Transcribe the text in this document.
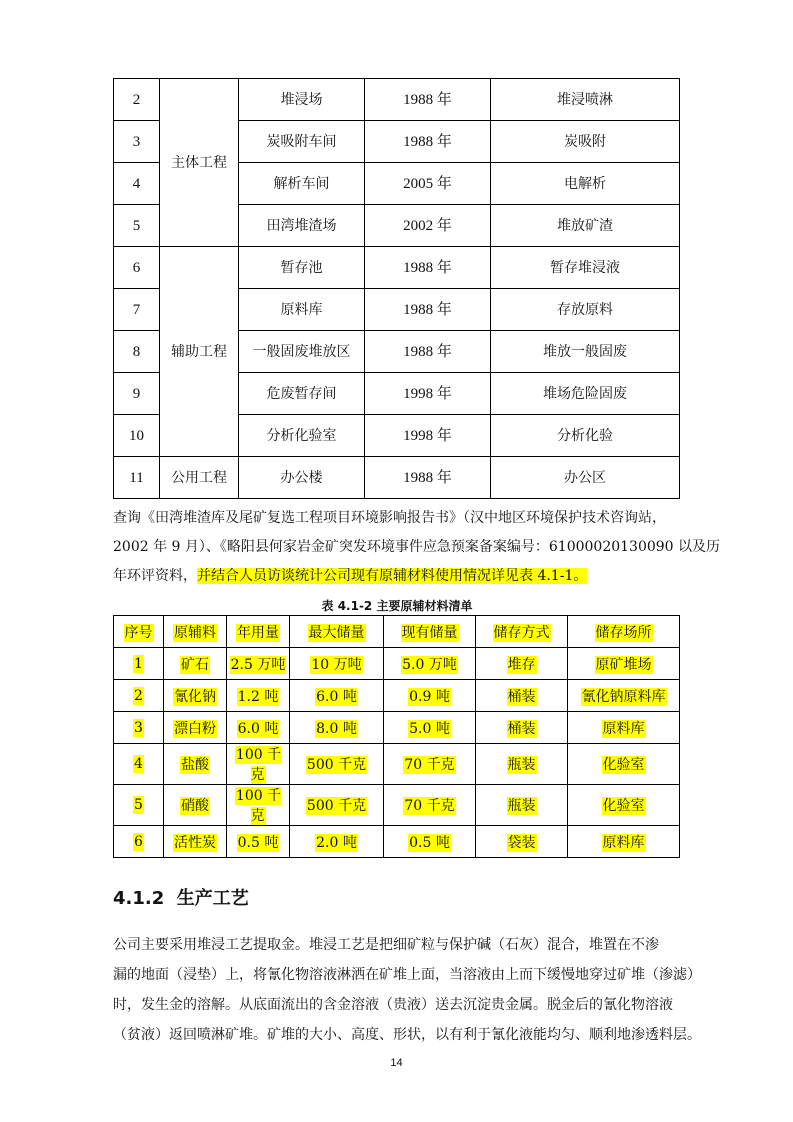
2	主体工程	堆浸场	1988 年	堆浸喷淋
3		炭吸附车间	1988 年	炭吸附
4		解析车间	2005 年	电解析
5		田湾堆渣场	2002 年	堆放矿渣
6	辅助工程	暂存池	1988 年	暂存堆浸液
7		原料库	1988 年	存放原料
8		一般固废堆放区	1988 年	堆放一般固废
9		危废暂存间	1998 年	堆场危险固废
10		分析化验室	1998 年	分析化验
11	公用工程	办公楼	1988 年	办公区
查询《田湾堆渣库及尾矿复选工程项目环境影响报告书》（汉中地区环境保护技术咨询站，
2002 年 9 月）、《略阳县何家岩金矿突发环境事件应急预案备案编号：61000020130090 以及历
年环评资料，并结合人员访谈统计公司现有原辅材料使用情况详见表 4.1-1。
表 4.1-2 主要原辅材料清单
序号	原辅料	年用量	最大储量	现有储量	储存方式	储存场所
1	矿石	2.5 万吨	10 万吨	5.0 万吨	堆存	原矿堆场
2	氰化钠	1.2 吨	6.0 吨	0.9 吨	桶装	氰化钠原料库
3	漂白粉	6.0 吨	8.0 吨	5.0 吨	桶装	原料库
4	盐酸	100 千克	500 千克	70 千克	瓶装	化验室
5	硝酸	100 千克	500 千克	70 千克	瓶装	化验室
6	活性炭	0.5 吨	2.0 吨	0.5 吨	袋装	原料库
4.1.2 生产工艺
公司主要采用堆浸工艺提取金。堆浸工艺是把细矿粒与保护碱（石灰）混合，堆置在不渗
漏的地面（浸垫）上，将氰化物溶液淋洒在矿堆上面，当溶液由上而下缓慢地穿过矿堆（渗滤）
时，发生金的溶解。从底面流出的含金溶液（贵液）送去沉淀贵金属。脱金后的氰化物溶液
（贫液）返回喷淋矿堆。矿堆的大小、高度、形状，以有利于氰化液能均匀、顺利地渗透料层。
14
